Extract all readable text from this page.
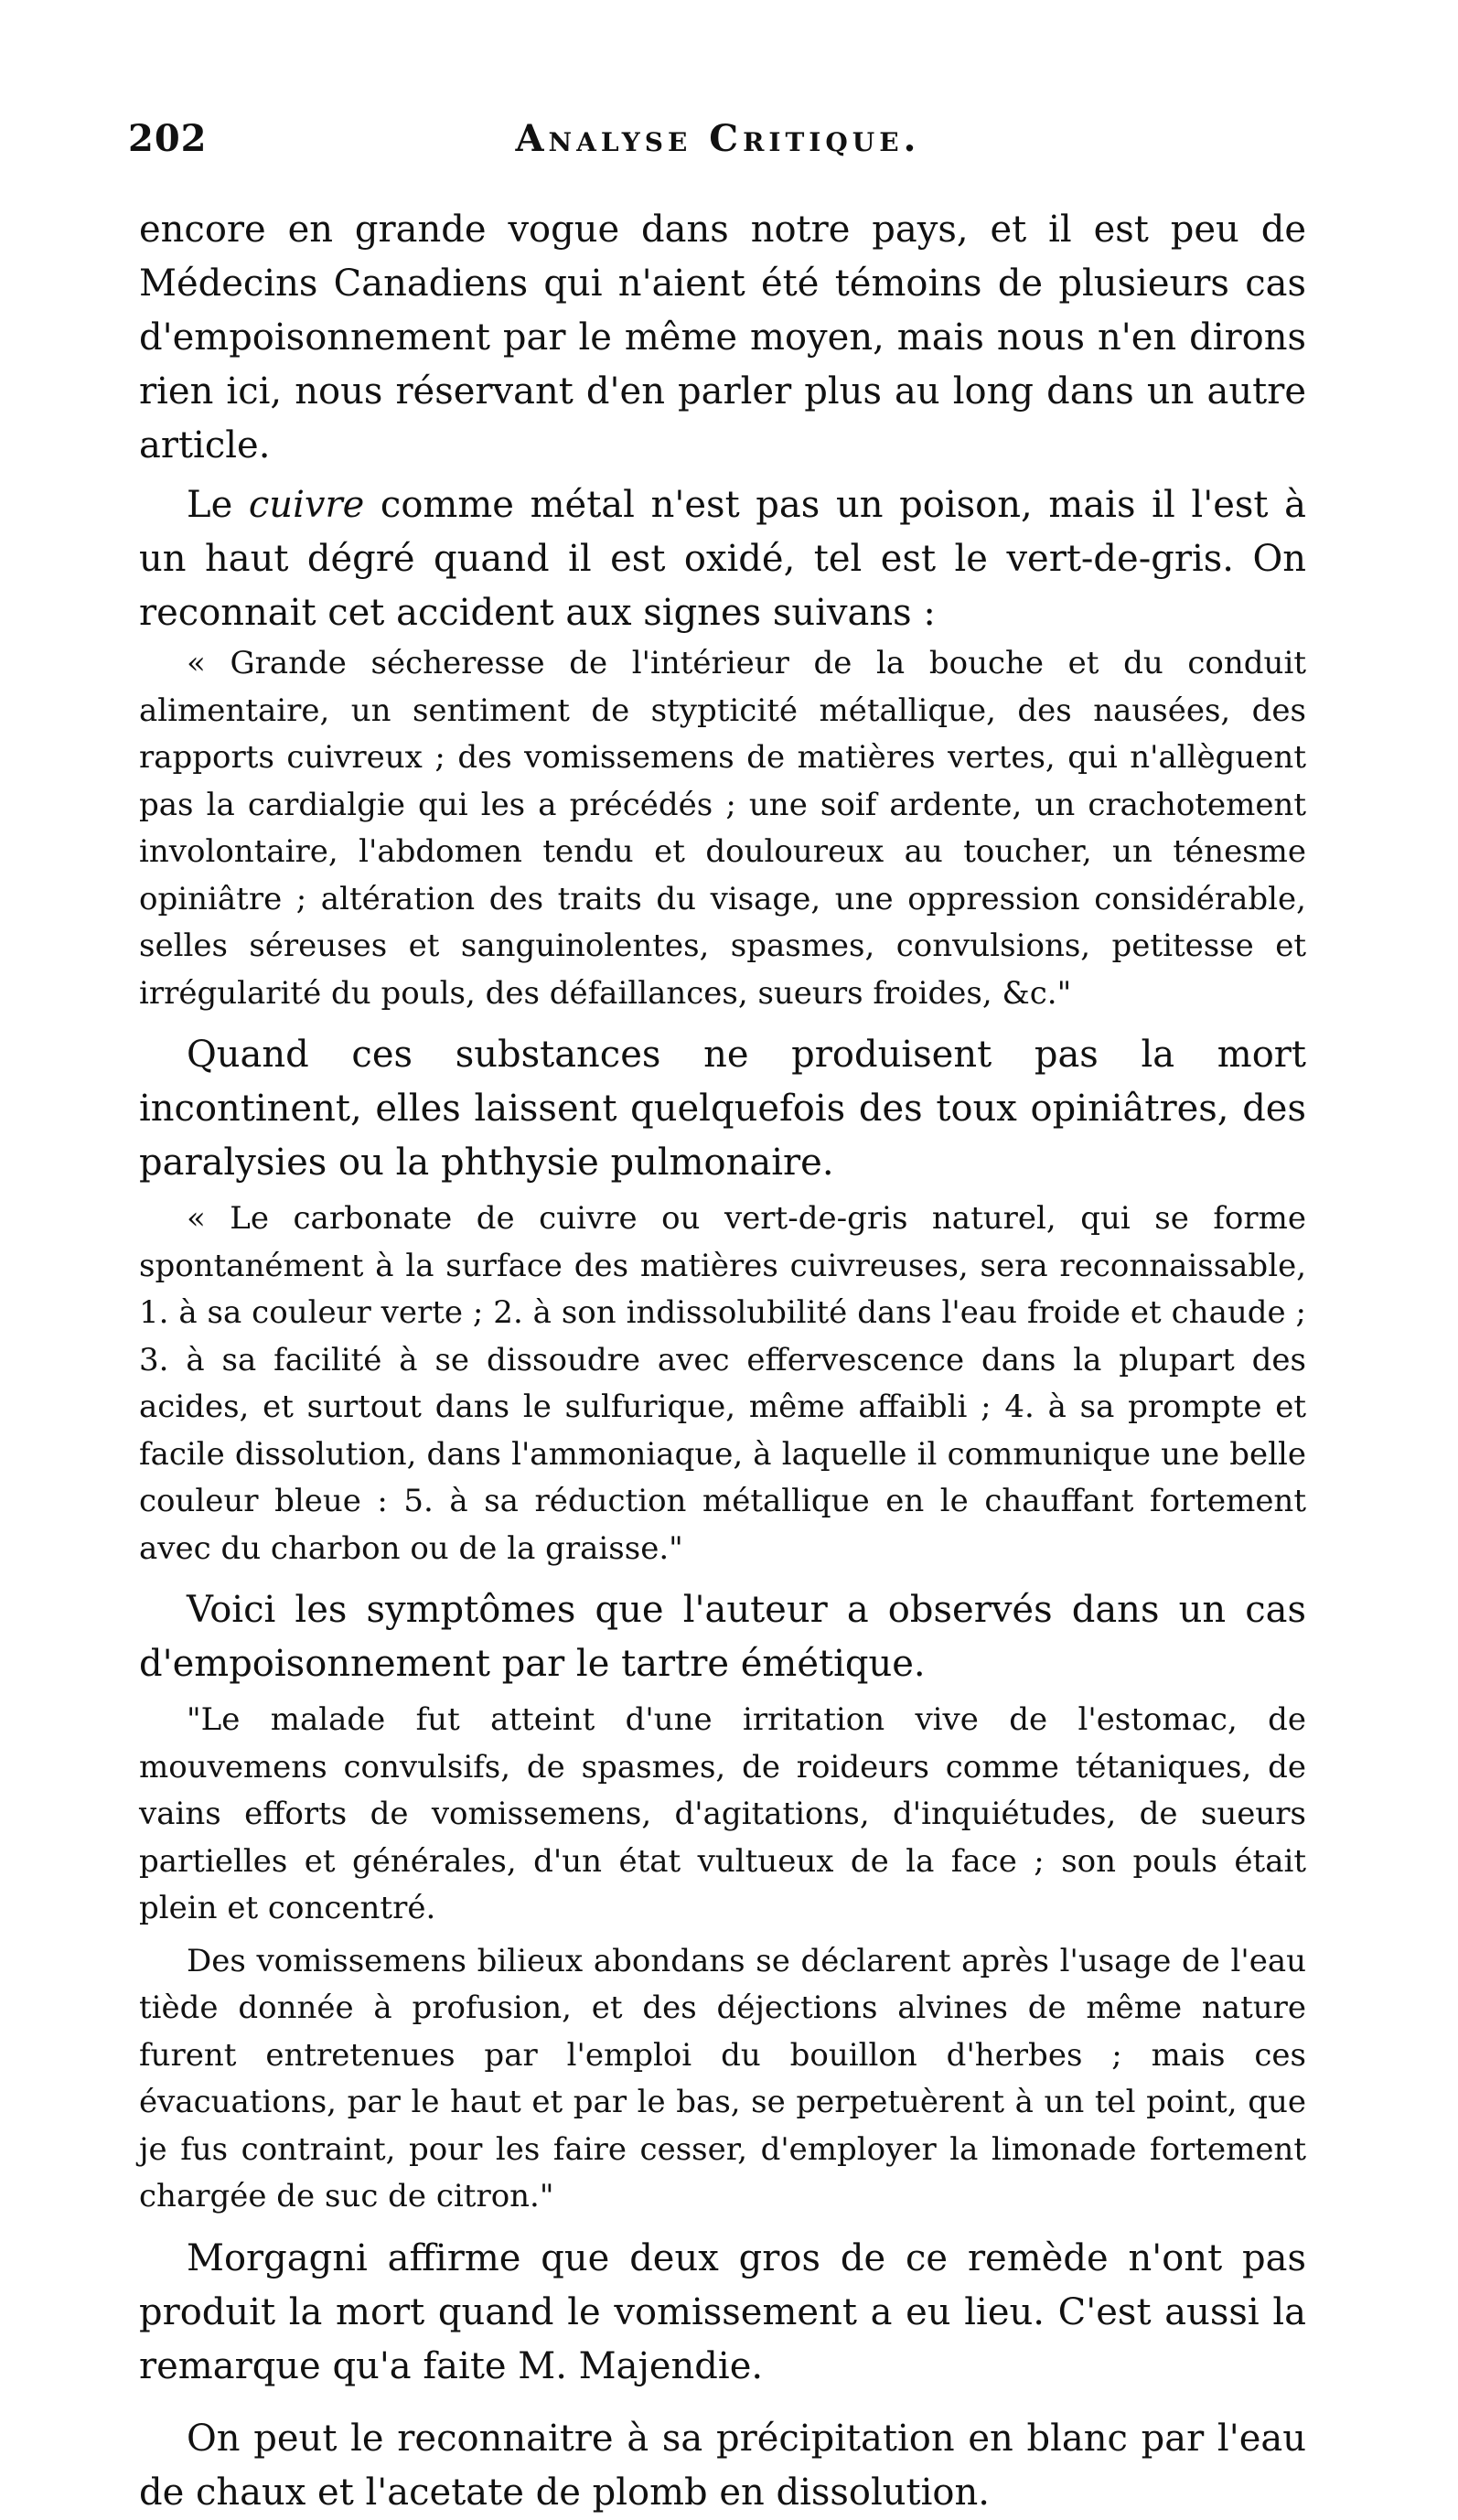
202	Analyse Critique.

encore en grande vogue dans notre pays, et il est peu de Médecins Canadiens qui n'aient été témoins de plusieurs cas d'empoisonnement par le même moyen, mais nous n'en dirons rien ici, nous réservant d'en parler plus au long dans un autre article.

Le cuivre comme métal n'est pas un poison, mais il l'est à un haut dégré quand il est oxidé, tel est le vert-de-gris. On reconnait cet accident aux signes suivans :

« Grande sécheresse de l'intérieur de la bouche et du conduit alimentaire, un sentiment de stypticité métallique, des nausées, des rapports cuivreux ; des vomissemens de matières vertes, qui n'allèguent pas la cardialgie qui les a précédés ; une soif ardente, un crachotement involontaire, l'abdomen tendu et douloureux au toucher, un ténesme opiniâtre ; altération des traits du visage, une oppression considérable, selles séreuses et sanguinolentes, spasmes, convulsions, petitesse et irrégularité du pouls, des défaillances, sueurs froides, &c."

Quand ces substances ne produisent pas la mort incontinent, elles laissent quelquefois des toux opiniâtres, des paralysies ou la phthysie pulmonaire.

« Le carbonate de cuivre ou vert-de-gris naturel, qui se forme spontanément à la surface des matières cuivreuses, sera reconnaissable, 1. à sa couleur verte ; 2. à son indissolubilité dans l'eau froide et chaude ; 3. à sa facilité à se dissoudre avec effervescence dans la plupart des acides, et surtout dans le sulfurique, même affaibli ; 4. à sa prompte et facile dissolution, dans l'ammoniaque, à laquelle il communique une belle couleur bleue : 5. à sa réduction métallique en le chauffant fortement avec du charbon ou de la graisse."

Voici les symptômes que l'auteur a observés dans un cas d'empoisonnement par le tartre émétique.

"Le malade fut atteint d'une irritation vive de l'estomac, de mouvemens convulsifs, de spasmes, de roideurs comme tétaniques, de vains efforts de vomissemens, d'agitations, d'inquiétudes, de sueurs partielles et générales, d'un état vultueux de la face ; son pouls était plein et concentré.

Des vomissemens bilieux abondans se déclarent après l'usage de l'eau tiède donnée à profusion, et des déjections alvines de même nature furent entretenues par l'emploi du bouillon d'herbes ; mais ces évacuations, par le haut et par le bas, se perpetuèrent à un tel point, que je fus contraint, pour les faire cesser, d'employer la limonade fortement chargée de suc de citron."

Morgagni affirme que deux gros de ce remède n'ont pas produit la mort quand le vomissement a eu lieu. C'est aussi la remarque qu'a faite M. Majendie.

On peut le reconnaitre à sa précipitation en blanc par l'eau de chaux et l'acetate de plomb en dissolution.
